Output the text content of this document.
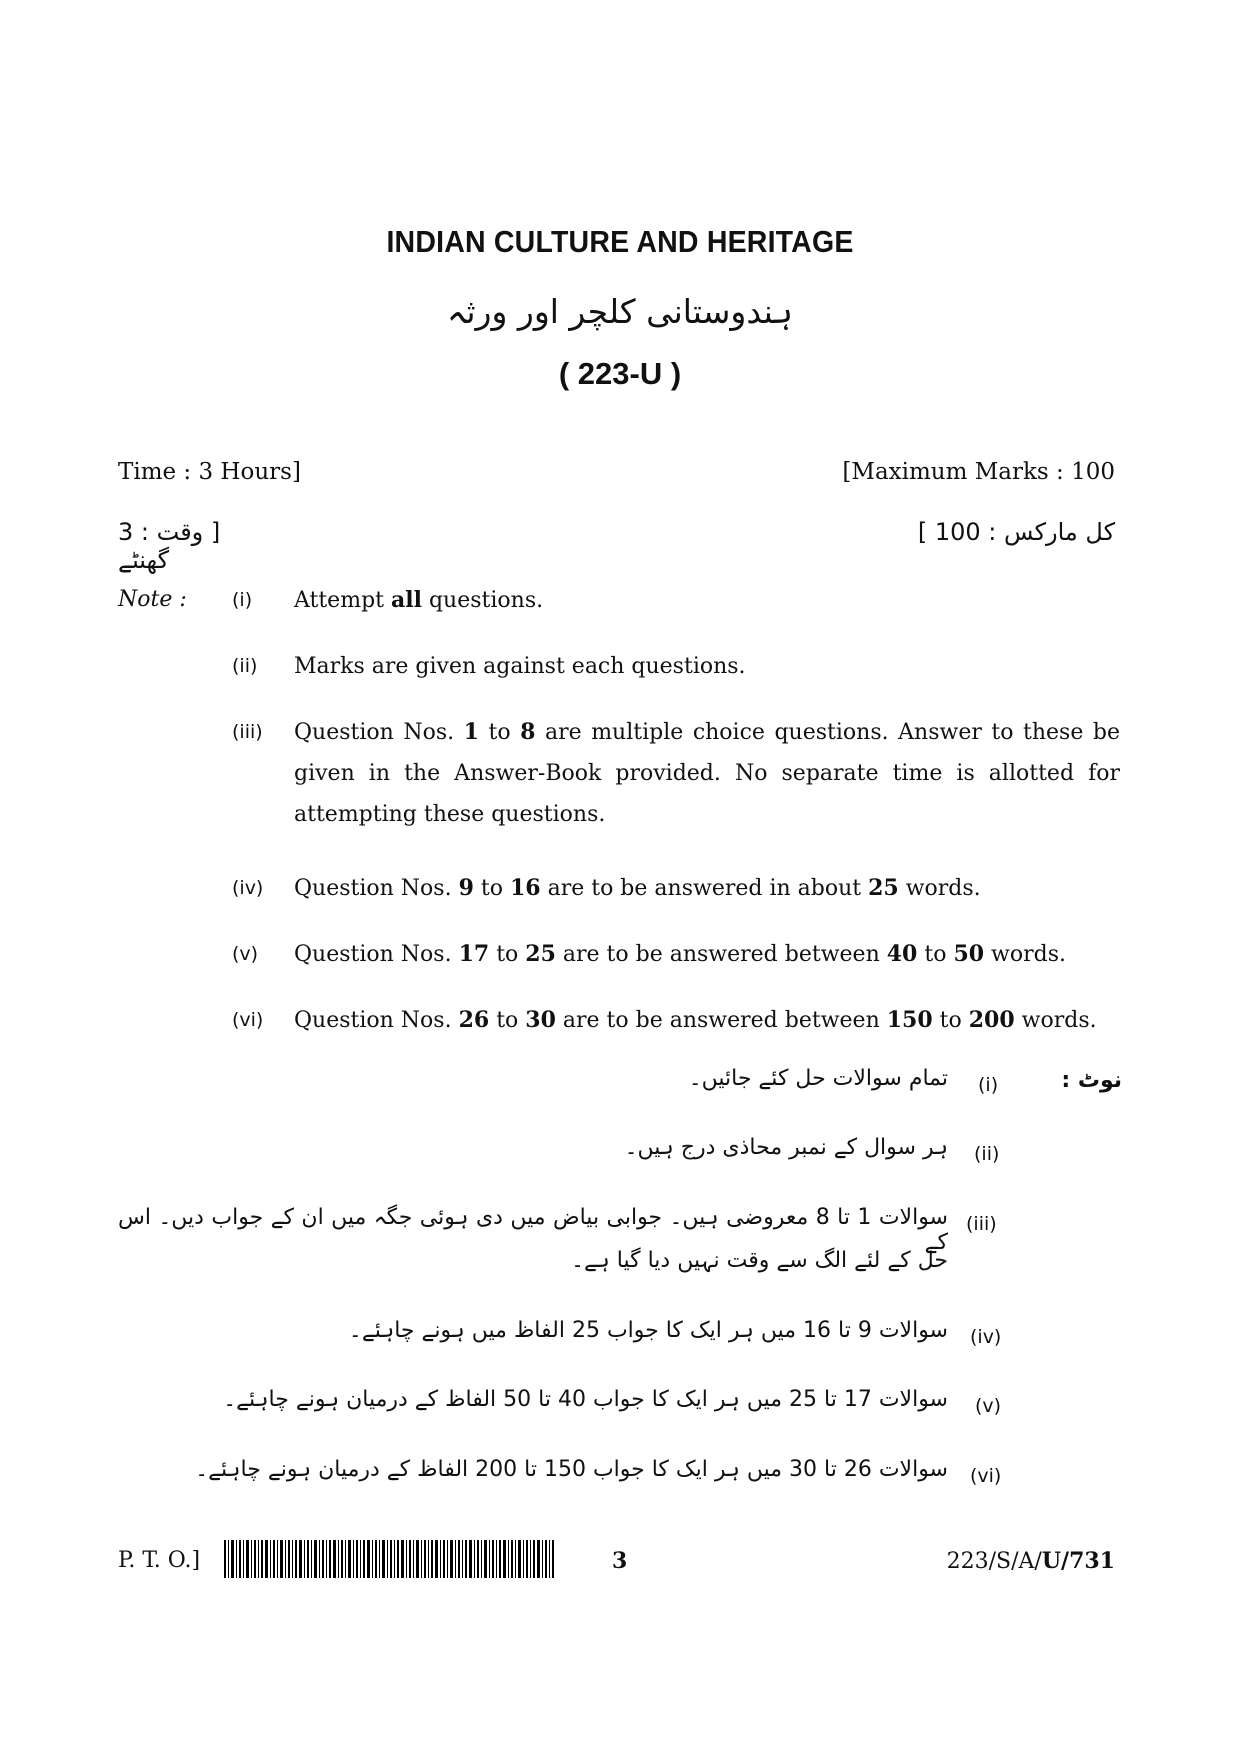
INDIAN CULTURE AND HERITAGE
ہندوستانی کلچر اور ورثہ
( 223-U )
Time : 3 Hours]	[Maximum Marks : 100
[ وقت : 3 گھنٹے
کل مارکس : 100 ]
Note : (i)	Attempt all questions.
(ii)	Marks are given against each questions.
(iii)	Question Nos. 1 to 8 are multiple choice questions. Answer to these be given in the Answer-Book provided. No separate time is allotted for attempting these questions.
(iv)	Question Nos. 9 to 16 are to be answered in about 25 words.
(v)	Question Nos. 17 to 25 are to be answered between 40 to 50 words.
(vi)	Question Nos. 26 to 30 are to be answered between 150 to 200 words.
نوٹ :
(i)
تمام سوالات حل کئے جائیں۔
(ii)
ہر سوال کے نمبر محاذی درج ہیں۔
(iii)
سوالات 1 تا 8 معروضی ہیں۔ جوابی بیاض میں دی ہوئی جگہ میں ان کے جواب دیں۔ اس کے
حل کے لئے الگ سے وقت نہیں دیا گیا ہے۔
(iv)
سوالات 9 تا 16 میں ہر ایک کا جواب 25 الفاظ میں ہونے چاہئے۔
(v)
سوالات 17 تا 25 میں ہر ایک کا جواب 40 تا 50 الفاظ کے درمیان ہونے چاہئے۔
(vi)
سوالات 26 تا 30 میں ہر ایک کا جواب 150 تا 200 الفاظ کے درمیان ہونے چاہئے۔
P. T. O.]	3	223/S/A/U/731
